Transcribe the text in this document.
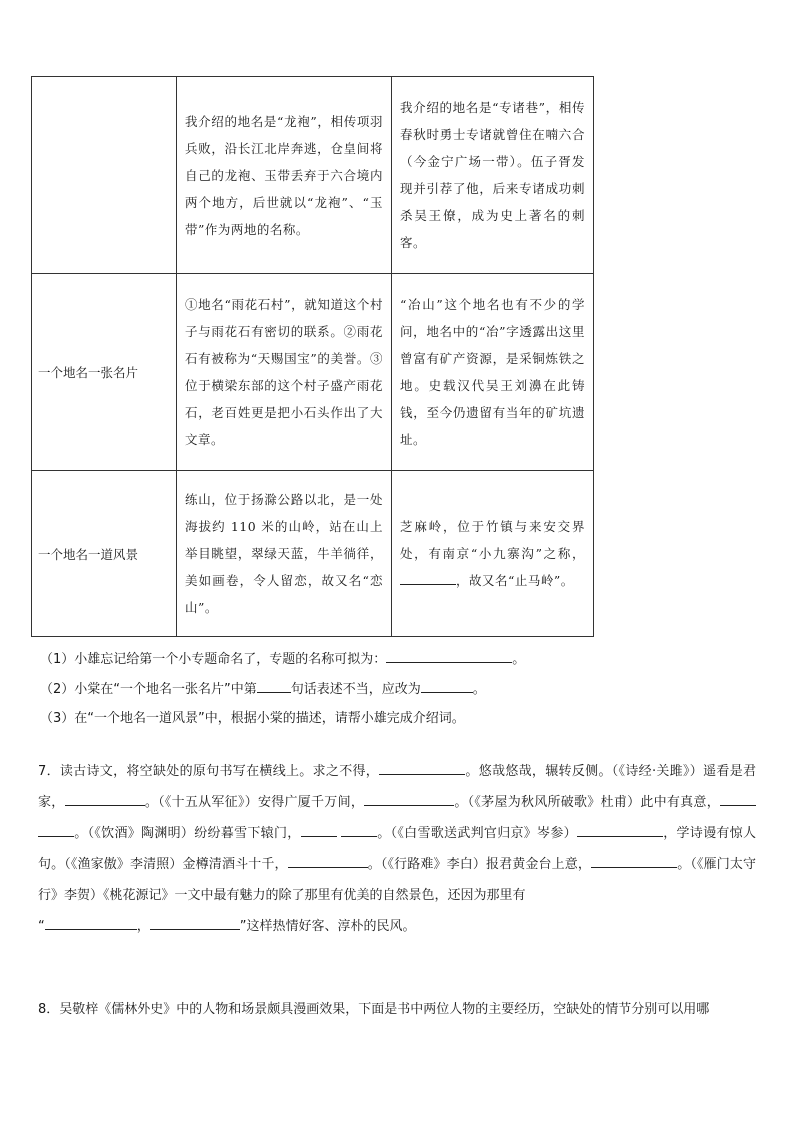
	我介绍的地名是“龙袍”，相传项羽兵败，沿长江北岸奔逃，仓皇间将自己的龙袍、玉带丢弃于六合境内两个地方，后世就以“龙袍”、“玉带”作为两地的名称。	我介绍的地名是“专诸巷”，相传春秋时勇士专诸就曾住在喃六合（今金宁广场一带）。伍子胥发现并引荐了他，后来专诸成功刺杀吴王僚，成为史上著名的刺客。

一个地名一张名片	①地名“雨花石村”，就知道这个村子与雨花石有密切的联系。②雨花石有被称为“天赐国宝”的美誉。③位于横梁东部的这个村子盛产雨花石，老百姓更是把小石头作出了大文章。	“冶山”这个地名也有不少的学问，地名中的“冶”字透露出这里曾富有矿产资源，是采铜炼铁之地。史载汉代吴王刘濞在此铸钱，至今仍遗留有当年的矿坑遗址。

一个地名一道风景	练山，位于扬滁公路以北，是一处海拔约 110 米的山岭，站在山上举目眺望，翠绿天蓝，牛羊徜徉，美如画卷，令人留恋，故又名“恋山”。	芝麻岭，位于竹镇与来安交界处，有南京“小九寨沟”之称，，故又名“止马岭”。
（1）小雄忘记给第一个小专题命名了，专题的名称可拟为：	。
（2）小棠在“一个地名一张名片”中第	句话表述不当，应改为	。
（3）在“一个地名一道风景”中，根据小棠的描述，请帮小雄完成介绍词。
7．读古诗文，将空缺处的原句书写在横线上。求之不得，	。悠哉悠哉，辗转反侧。（《诗经·关雎》）遥看是君家，	。（《十五从军征》）安得广厦千万间，	。（《茅屋为秋风所破歌》杜甫）此中有真意， 。（《饮酒》陶渊明）纷纷暮雪下辕门，	。（《白雪歌送武判官归京》岑参）	，学诗谩有惊人句。（《渔家傲》李清照）金樽清酒斗十千，	。（《行路难》李白）报君黄金台上意，	。（《雁门太守行》李贺）《桃花源记》一文中最有魅力的除了那里有优美的自然景色，还因为那里有
“	，	”这样热情好客、淳朴的民风。
8．吴敬梓《儒林外史》中的人物和场景颇具漫画效果，下面是书中两位人物的主要经历，空缺处的情节分别可以用哪
